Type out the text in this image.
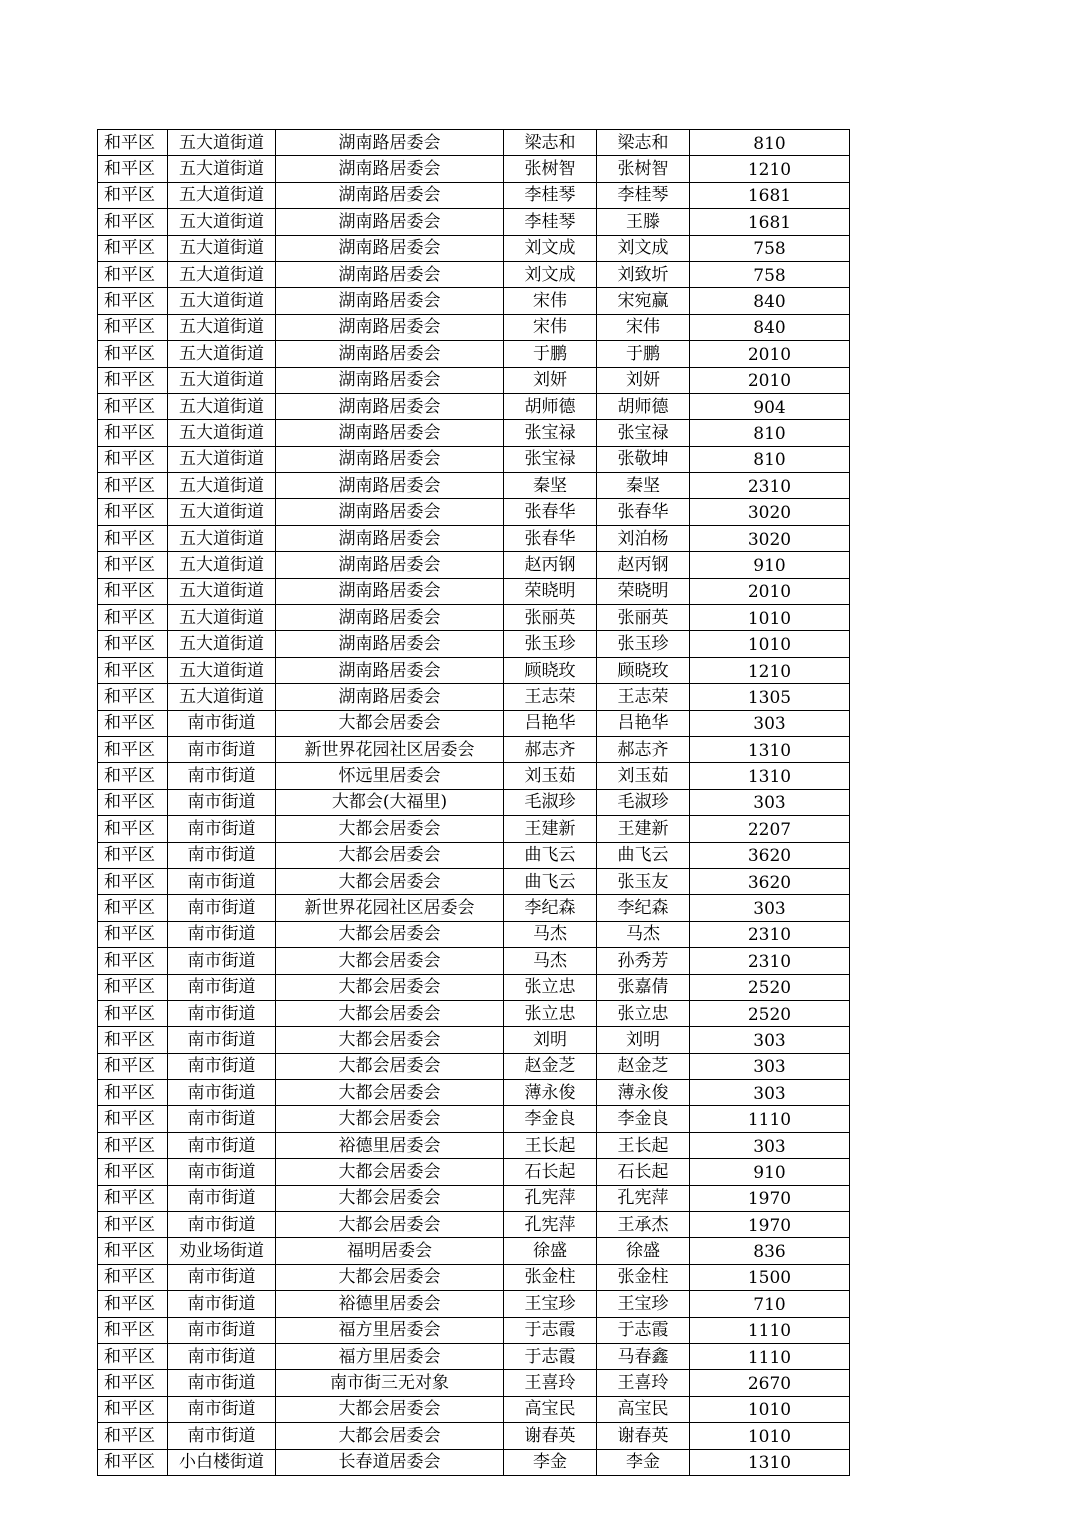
和平区	五大道街道	湖南路居委会	梁志和	梁志和	810
和平区	五大道街道	湖南路居委会	张树智	张树智	1210
和平区	五大道街道	湖南路居委会	李桂琴	李桂琴	1681
和平区	五大道街道	湖南路居委会	李桂琴	王滕	1681
和平区	五大道街道	湖南路居委会	刘文成	刘文成	758
和平区	五大道街道	湖南路居委会	刘文成	刘致圻	758
和平区	五大道街道	湖南路居委会	宋伟	宋宛赢	840
和平区	五大道街道	湖南路居委会	宋伟	宋伟	840
和平区	五大道街道	湖南路居委会	于鹏	于鹏	2010
和平区	五大道街道	湖南路居委会	刘妍	刘妍	2010
和平区	五大道街道	湖南路居委会	胡师德	胡师德	904
和平区	五大道街道	湖南路居委会	张宝禄	张宝禄	810
和平区	五大道街道	湖南路居委会	张宝禄	张敬坤	810
和平区	五大道街道	湖南路居委会	秦坚	秦坚	2310
和平区	五大道街道	湖南路居委会	张春华	张春华	3020
和平区	五大道街道	湖南路居委会	张春华	刘泊杨	3020
和平区	五大道街道	湖南路居委会	赵丙钢	赵丙钢	910
和平区	五大道街道	湖南路居委会	荣晓明	荣晓明	2010
和平区	五大道街道	湖南路居委会	张丽英	张丽英	1010
和平区	五大道街道	湖南路居委会	张玉珍	张玉珍	1010
和平区	五大道街道	湖南路居委会	顾晓玫	顾晓玫	1210
和平区	五大道街道	湖南路居委会	王志荣	王志荣	1305
和平区	南市街道	大都会居委会	吕艳华	吕艳华	303
和平区	南市街道	新世界花园社区居委会	郝志齐	郝志齐	1310
和平区	南市街道	怀远里居委会	刘玉茹	刘玉茹	1310
和平区	南市街道	大都会(大福里)	毛淑珍	毛淑珍	303
和平区	南市街道	大都会居委会	王建新	王建新	2207
和平区	南市街道	大都会居委会	曲飞云	曲飞云	3620
和平区	南市街道	大都会居委会	曲飞云	张玉友	3620
和平区	南市街道	新世界花园社区居委会	李纪森	李纪森	303
和平区	南市街道	大都会居委会	马杰	马杰	2310
和平区	南市街道	大都会居委会	马杰	孙秀芳	2310
和平区	南市街道	大都会居委会	张立忠	张嘉倩	2520
和平区	南市街道	大都会居委会	张立忠	张立忠	2520
和平区	南市街道	大都会居委会	刘明	刘明	303
和平区	南市街道	大都会居委会	赵金芝	赵金芝	303
和平区	南市街道	大都会居委会	薄永俊	薄永俊	303
和平区	南市街道	大都会居委会	李金良	李金良	1110
和平区	南市街道	裕德里居委会	王长起	王长起	303
和平区	南市街道	大都会居委会	石长起	石长起	910
和平区	南市街道	大都会居委会	孔宪萍	孔宪萍	1970
和平区	南市街道	大都会居委会	孔宪萍	王承杰	1970
和平区	劝业场街道	福明居委会	徐盛	徐盛	836
和平区	南市街道	大都会居委会	张金柱	张金柱	1500
和平区	南市街道	裕德里居委会	王宝珍	王宝珍	710
和平区	南市街道	福方里居委会	于志霞	于志霞	1110
和平区	南市街道	福方里居委会	于志霞	马春鑫	1110
和平区	南市街道	南市街三无对象	王喜玲	王喜玲	2670
和平区	南市街道	大都会居委会	高宝民	高宝民	1010
和平区	南市街道	大都会居委会	谢春英	谢春英	1010
和平区	小白楼街道	长春道居委会	李金	李金	1310
